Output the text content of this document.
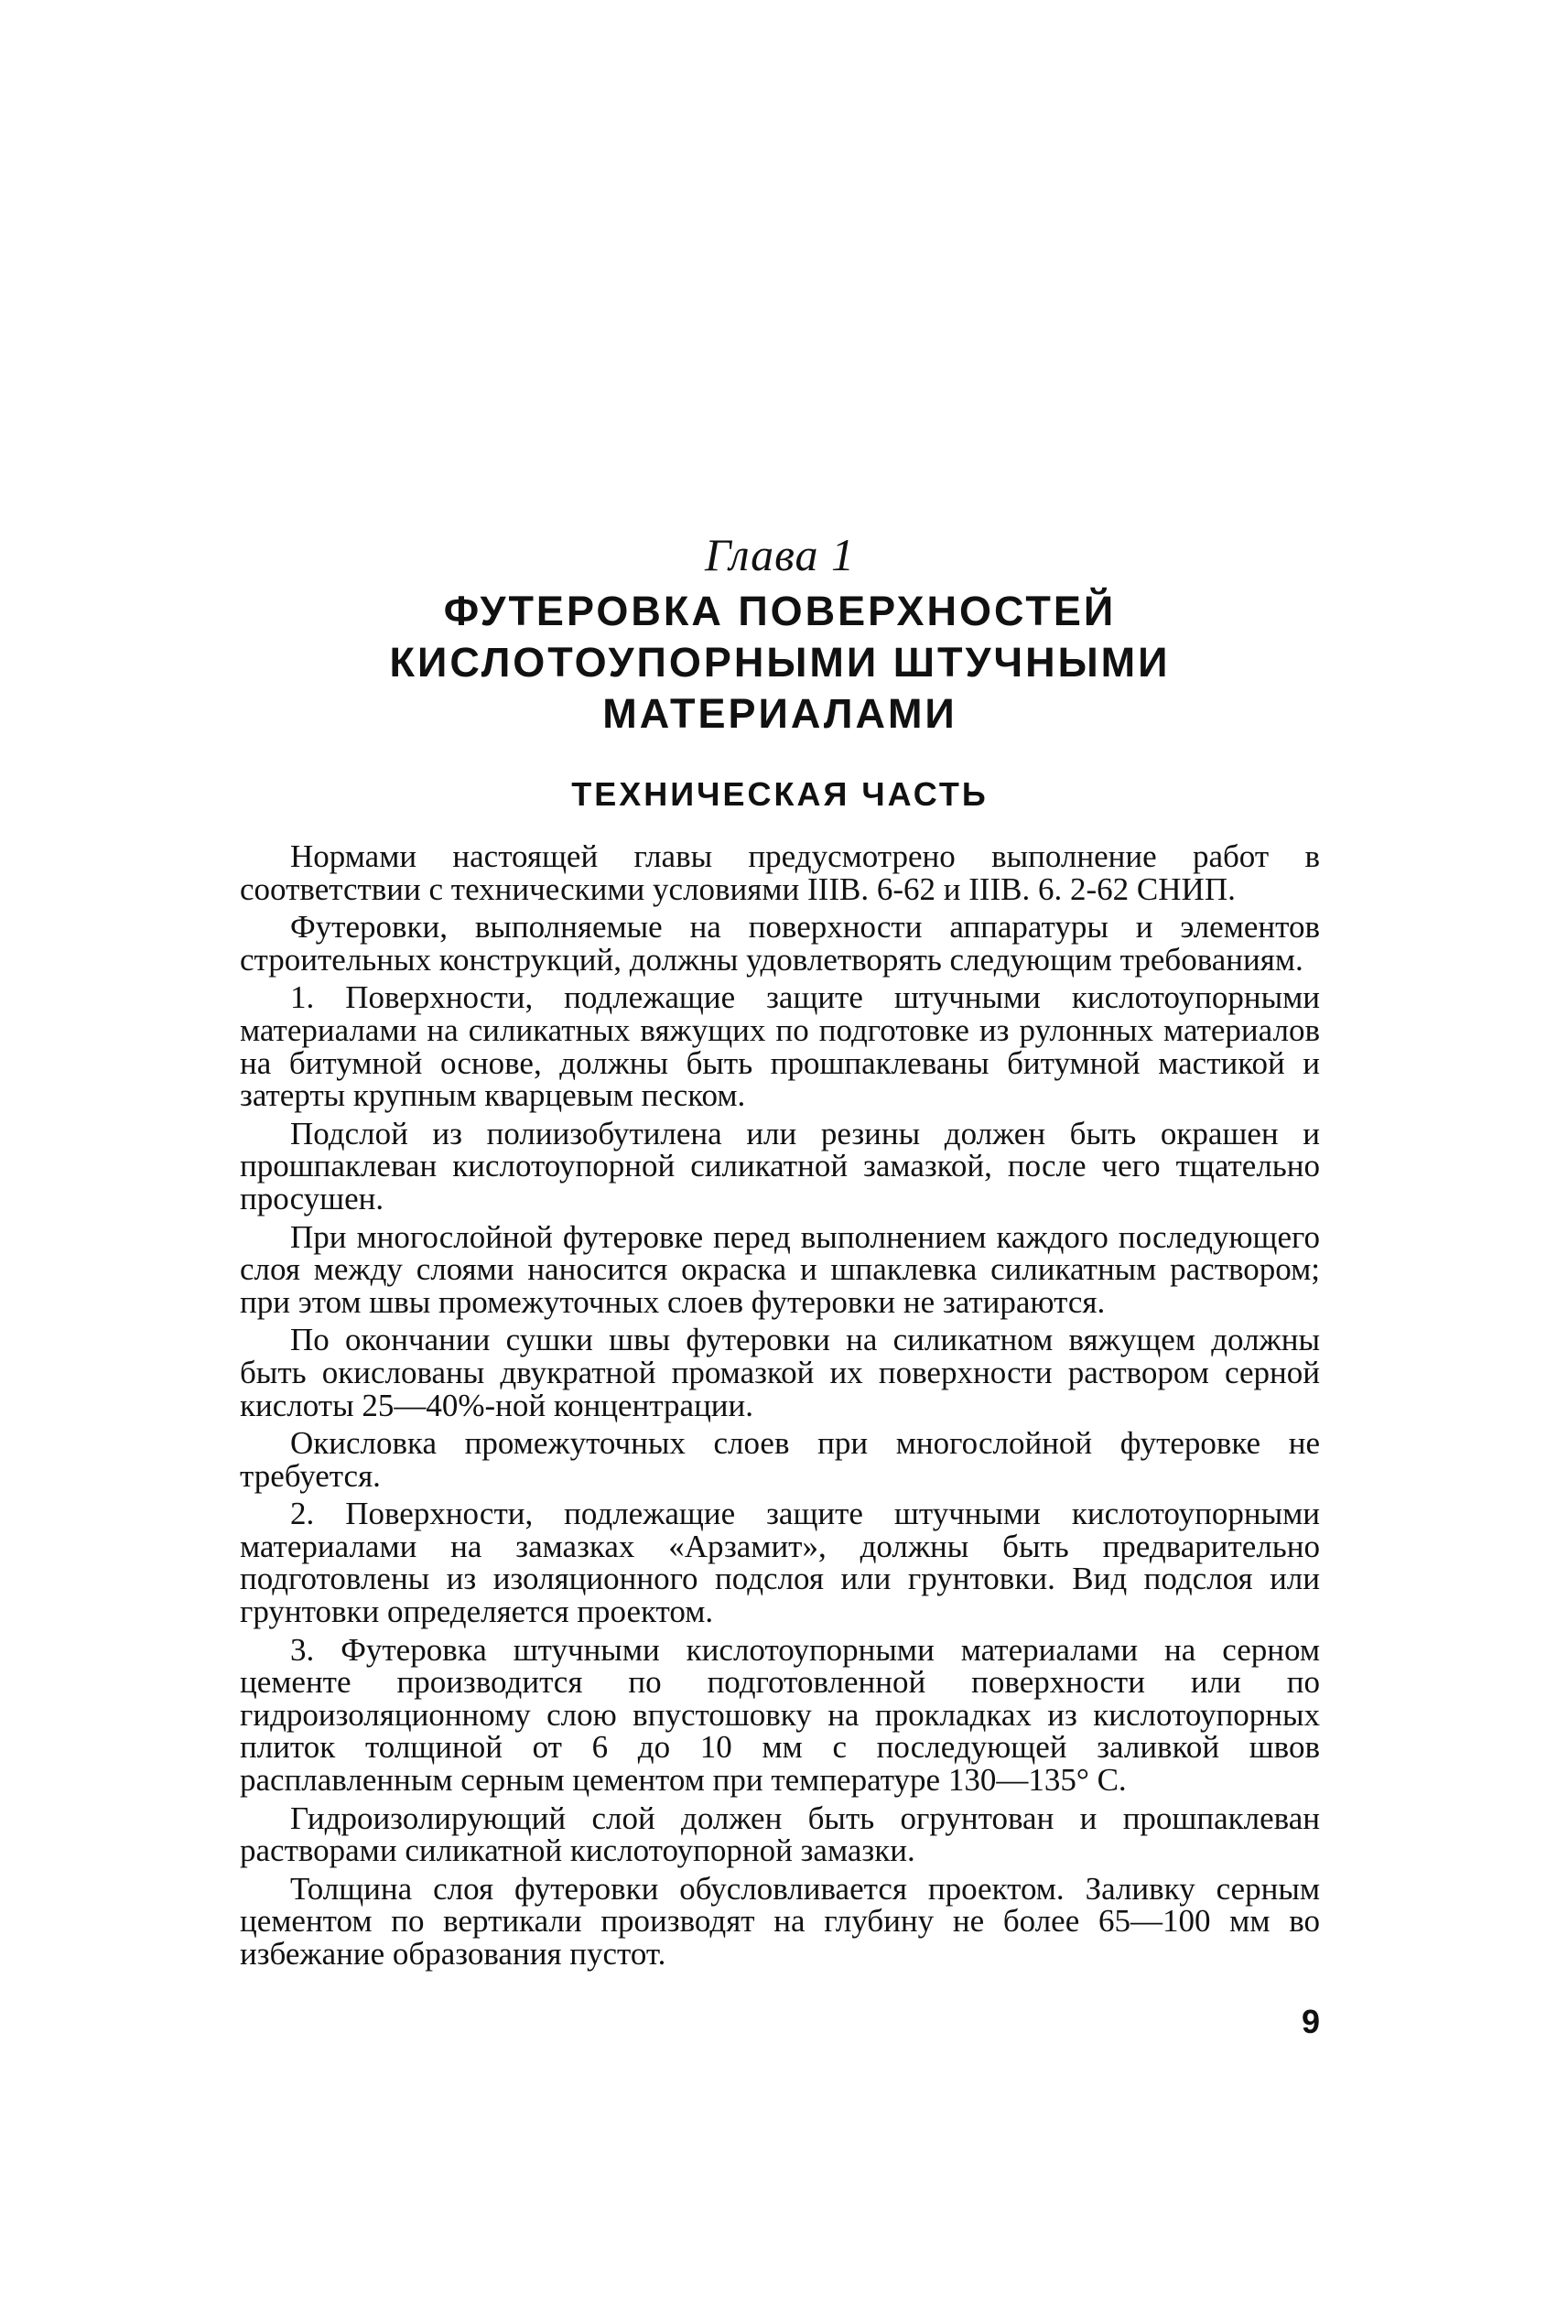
Глава 1
ФУТЕРОВКА ПОВЕРХНОСТЕЙ
КИСЛОТОУПОРНЫМИ ШТУЧНЫМИ
МАТЕРИАЛАМИ
ТЕХНИЧЕСКАЯ ЧАСТЬ

Нормами настоящей главы предусмотрено выполнение работ в соответствии с техническими условиями IIIВ. 6-62 и IIIВ. 6. 2-62 СНИП.

Футеровки, выполняемые на поверхности аппаратуры и элементов строительных конструкций, должны удовлетворять следующим требованиям.

1. Поверхности, подлежащие защите штучными кислотоупорными материалами на силикатных вяжущих по подготовке из рулонных материалов на битумной основе, должны быть прошпаклеваны битумной мастикой и затерты крупным кварцевым песком.

Подслой из полиизобутилена или резины должен быть окрашен и прошпаклеван кислотоупорной силикатной замазкой, после чего тщательно просушен.

При многослойной футеровке перед выполнением каждого последующего слоя между слоями наносится окраска и шпаклевка силикатным раствором; при этом швы промежуточных слоев футеровки не затираются.

По окончании сушки швы футеровки на силикатном вяжущем должны быть окислованы двукратной промазкой их поверхности раствором серной кислоты 25—40%-ной концентрации.

Окисловка промежуточных слоев при многослойной футеровке не требуется.

2. Поверхности, подлежащие защите штучными кислотоупорными материалами на замазках «Арзамит», должны быть предварительно подготовлены из изоляционного подслоя или грунтовки. Вид подслоя или грунтовки определяется проектом.

3. Футеровка штучными кислотоупорными материалами на серном цементе производится по подготовленной поверхности или по гидроизоляционному слою впустошовку на прокладках из кислотоупорных плиток толщиной от 6 до 10 мм с последующей заливкой швов расплавленным серным цементом при температуре 130—135° С.

Гидроизолирующий слой должен быть огрунтован и прошпаклеван растворами силикатной кислотоупорной замазки.

Толщина слоя футеровки обусловливается проектом. Заливку серным цементом по вертикали производят на глубину не более 65—100 мм во избежание образования пустот.

9
